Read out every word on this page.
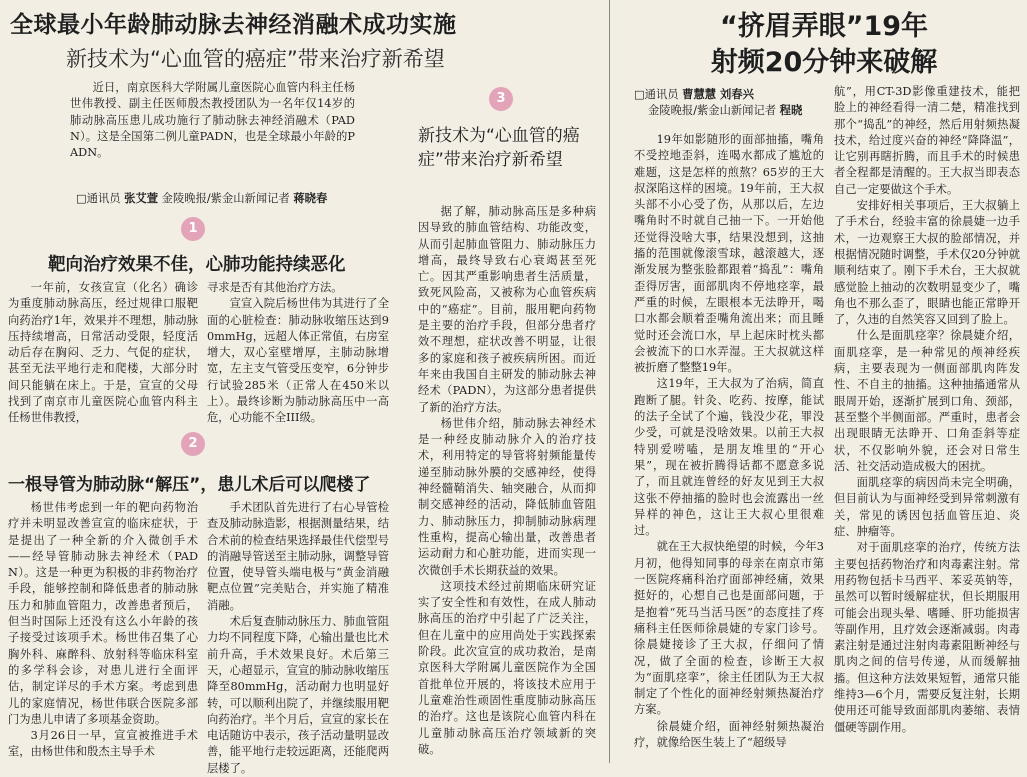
全球最小年龄肺动脉去神经消融术成功实施
新技术为“心血管的癌症”带来治疗新希望

近日，南京医科大学附属儿童医院心血管内科主任杨世伟教授、副主任医师殷杰教授团队为一名年仅14岁的肺动脉高压患儿成功施行了肺动脉去神经消融术（PADN）。这是全国第二例儿童PADN，也是全球最小年龄的PADN。

□通讯员 张艾萱 金陵晚报/紫金山新闻记者 蒋晓春
1
靶向治疗效果不佳，心肺功能持续恶化

一年前，女孩宣宣（化名）确诊为重度肺动脉高压，经过规律口服靶向药治疗1年，效果并不理想，肺动脉压持续增高，日常活动受限，轻度活动后存在胸闷、乏力、气促的症状，甚至无法平地行走和爬楼，大部分时间只能躺在床上。于是，宣宣的父母找到了南京市儿童医院心血管内科主任杨世伟教授，

寻求是否有其他治疗方法。

宣宣入院后杨世伟为其进行了全面的心脏检查：肺动脉收缩压达到90mmHg，远超人体正常值，右房室增大，双心室壁增厚，主肺动脉增宽，左主支气管受压变窄，6分钟步行试验285米（正常人在450米以上）。最终诊断为肺动脉高压中一高危，心功能不全III级。

2
一根导管为肺动脉“解压”，患儿术后可以爬楼了

杨世伟考虑到一年的靶向药物治疗并未明显改善宣宣的临床症状，于是提出了一种全新的介入微创手术——经导管肺动脉去神经术（PADN）。这是一种更为积极的非药物治疗手段，能够控制和降低患者的肺动脉压力和肺血管阻力，改善患者预后，但当时国际上还没有这么小年龄的孩子接受过该项手术。杨世伟召集了心胸外科、麻醉科、放射科等临床科室的多学科会诊，对患儿进行全面评估，制定详尽的手术方案。考虑到患儿的家庭情况，杨世伟联合医院多部门为患儿申请了多项基金资助。

3月26日一早，宣宣被推进手术室，由杨世伟和殷杰主导手术

手术团队首先进行了右心导管检查及肺动脉造影，根据测量结果，结合术前的检查结果选择最佳代偿型号的消融导管送至主肺动脉，调整导管位置，使导管头端电极与“黄金消融靶点位置”完美贴合，并实施了精准消融。

术后复查肺动脉压力、肺血管阻力均不同程度下降，心输出量也比术前升高，手术效果良好。术后第三天，心超显示，宣宣的肺动脉收缩压降至80mmHg，活动耐力也明显好转，可以顺利出院了，并继续服用靶向药治疗。半个月后，宣宣的家长在电话随访中表示，孩子活动量明显改善，能平地行走较远距离，还能爬两层楼了。

3
新技术为“心血管的癌症”带来治疗新希望

据了解，肺动脉高压是多种病因导致的肺血管结构、功能改变，从而引起肺血管阻力、肺动脉压力增高，最终导致右心衰竭甚至死亡。因其严重影响患者生活质量，致死风险高，又被称为心血管疾病中的“癌症”。目前，服用靶向药物是主要的治疗手段，但部分患者疗效不理想，症状改善不明显，让很多的家庭和孩子被疾病所困。而近年来由我国自主研发的肺动脉去神经术（PADN），为这部分患者提供了新的治疗方法。

杨世伟介绍，肺动脉去神经术是一种经皮肺动脉介入的治疗技术，利用特定的导管将射频能量传递至肺动脉外膜的交感神经，使得神经髓鞘消失、轴突融合，从而抑制交感神经的活动，降低肺血管阻力、肺动脉压力，抑制肺动脉病理性重构，提高心输出量，改善患者运动耐力和心脏功能，进而实现一次微创手术长期获益的效果。

这项技术经过前期临床研究证实了安全性和有效性，在成人肺动脉高压的治疗中引起了广泛关注，但在儿童中的应用尚处于实践探索阶段。此次宣宣的成功救治，是南京医科大学附属儿童医院作为全国首批单位开展的，将该技术应用于儿童难治性顽固性重度肺动脉高压的治疗。这也是该院心血管内科在儿童肺动脉高压治疗领域新的突破。

“挤眉弄眼”19年
射频20分钟来破解
□通讯员 曹慧慧 刘春兴
金陵晚报/紫金山新闻记者 程晓

19年如影随形的面部抽搐，嘴角不受控地歪斜，连喝水都成了尴尬的难题，这是怎样的煎熬？65岁的王大叔深陷这样的困境。19年前，王大叔头部不小心受了伤，从那以后，左边嘴角时不时就自己抽一下。一开始他还觉得没啥大事，结果没想到，这抽搐的范围就像滚雪球，越滚越大，逐渐发展为整张脸都跟着“捣乱”：嘴角歪得厉害，面部肌肉不停地痉挛，最严重的时候，左眼根本无法睁开，喝口水都会顺着歪嘴角流出来；而且睡觉时还会流口水，早上起床时枕头都会被流下的口水弄湿。王大叔就这样被折磨了整整19年。

这19年，王大叔为了治病，简直跑断了腿。针灸、吃药、按摩，能试的法子全试了个遍，钱没少花，罪没少受，可就是没啥效果。以前王大叔特别爱唠嗑，是朋友堆里的“开心果”，现在被折腾得话都不愿意多说了，而且就连曾经的好友见到王大叔这张不停抽搐的脸时也会流露出一丝异样的神色，这让王大叔心里很难过。

就在王大叔快绝望的时候，今年3月初，他得知同事的母亲在南京市第一医院疼痛科治疗面部神经痛，效果挺好的，心想自己也是面部问题，于是抱着“死马当活马医”的态度挂了疼痛科主任医师徐晨婕的专家门诊号。徐晨婕接诊了王大叔，仔细问了情况，做了全面的检查，诊断王大叔为“面肌痉挛”，徐主任团队为王大叔制定了个性化的面神经射频热凝治疗方案。

徐晨婕介绍，面神经射频热凝治疗，就像给医生装上了“超级导

航”，用CT-3D影像重建技术，能把脸上的神经看得一清二楚，精准找到那个“捣乱”的神经，然后用射频热凝技术，给过度兴奋的神经“降降温”，让它别再瞎折腾，而且手术的时候患者全程都是清醒的。王大叔当即表态自己一定要做这个手术。

安排好相关事项后，王大叔躺上了手术台，经验丰富的徐晨婕一边手术，一边观察王大叔的脸部情况，并根据情况随时调整，手术仅20分钟就顺利结束了。刚下手术台，王大叔就感觉脸上抽动的次数明显变少了，嘴角也不那么歪了，眼睛也能正常睁开了，久违的自然笑容又回到了脸上。

什么是面肌痉挛？徐晨婕介绍，面肌痉挛，是一种常见的颅神经疾病，主要表现为一侧面部肌肉阵发性、不自主的抽搐。这种抽搐通常从眼周开始，逐渐扩展到口角、颈部，甚至整个半侧面部。严重时，患者会出现眼睛无法睁开、口角歪斜等症状，不仅影响外貌，还会对日常生活、社交活动造成极大的困扰。

面肌痉挛的病因尚未完全明确，但目前认为与面神经受到异常刺激有关，常见的诱因包括血管压迫、炎症、肿瘤等。

对于面肌痉挛的治疗，传统方法主要包括药物治疗和肉毒素注射。常用药物包括卡马西平、苯妥英钠等，虽然可以暂时缓解症状，但长期服用可能会出现头晕、嗜睡、肝功能损害等副作用，且疗效会逐渐减弱。肉毒素注射是通过注射肉毒素阻断神经与肌肉之间的信号传递，从而缓解抽搐。但这种方法效果短暂，通常只能维持3—6个月，需要反复注射，长期使用还可能导致面部肌肉萎缩、表情僵硬等副作用。
